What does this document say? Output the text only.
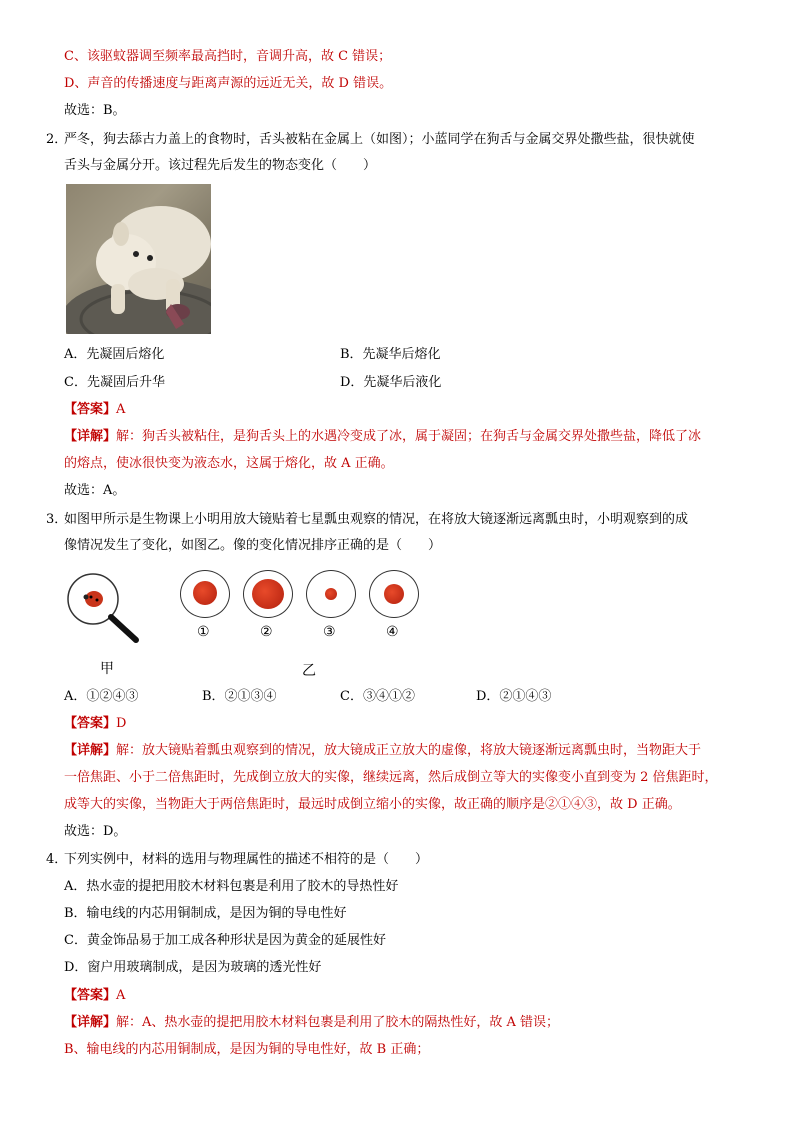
C、该驱蚊器调至频率最高挡时，音调升高，故 C 错误；
D、声音的传播速度与距离声源的远近无关，故 D 错误。
故选：B。
2．
严冬，狗去舔古力盖上的食物时，舌头被粘在金属上（如图）；小蓝同学在狗舌与金属交界处撒些盐，很快就使
舌头与金属分开。该过程先后发生的物态变化（　　）
A．先凝固后熔化	B．先凝华后熔化
C．先凝固后升华	D．先凝华后液化
【答案】A
【详解】解：狗舌头被粘住，是狗舌头上的水遇冷变成了冰，属于凝固；在狗舌与金属交界处撒些盐，降低了冰
的熔点，使冰很快变为液态水，这属于熔化，故 A 正确。
故选：A。
3．
如图甲所示是生物课上小明用放大镜贴着七星瓢虫观察的情况，在将放大镜逐渐远离瓢虫时，小明观察到的成
像情况发生了变化，如图乙。像的变化情况排序正确的是（　　）
甲
①	②	③	④
乙
A．①②④③	B．②①③④	C．③④①②	D．②①④③
【答案】D
【详解】解：放大镜贴着瓢虫观察到的情况，放大镜成正立放大的虚像，将放大镜逐渐远离瓢虫时，当物距大于
一倍焦距、小于二倍焦距时，先成倒立放大的实像，继续远离，然后成倒立等大的实像变小直到变为 2 倍焦距时，
成等大的实像，当物距大于两倍焦距时，最远时成倒立缩小的实像，故正确的顺序是②①④③，故 D 正确。
故选：D。
4．
下列实例中，材料的选用与物理属性的描述不相符的是（　　）
A．热水壶的提把用胶木材料包裹是利用了胶木的导热性好
B．输电线的内芯用铜制成，是因为铜的导电性好
C．黄金饰品易于加工成各种形状是因为黄金的延展性好
D．窗户用玻璃制成，是因为玻璃的透光性好
【答案】A
【详解】解：A、热水壶的提把用胶木材料包裹是利用了胶木的隔热性好，故 A 错误；
B、输电线的内芯用铜制成，是因为铜的导电性好，故 B 正确；
